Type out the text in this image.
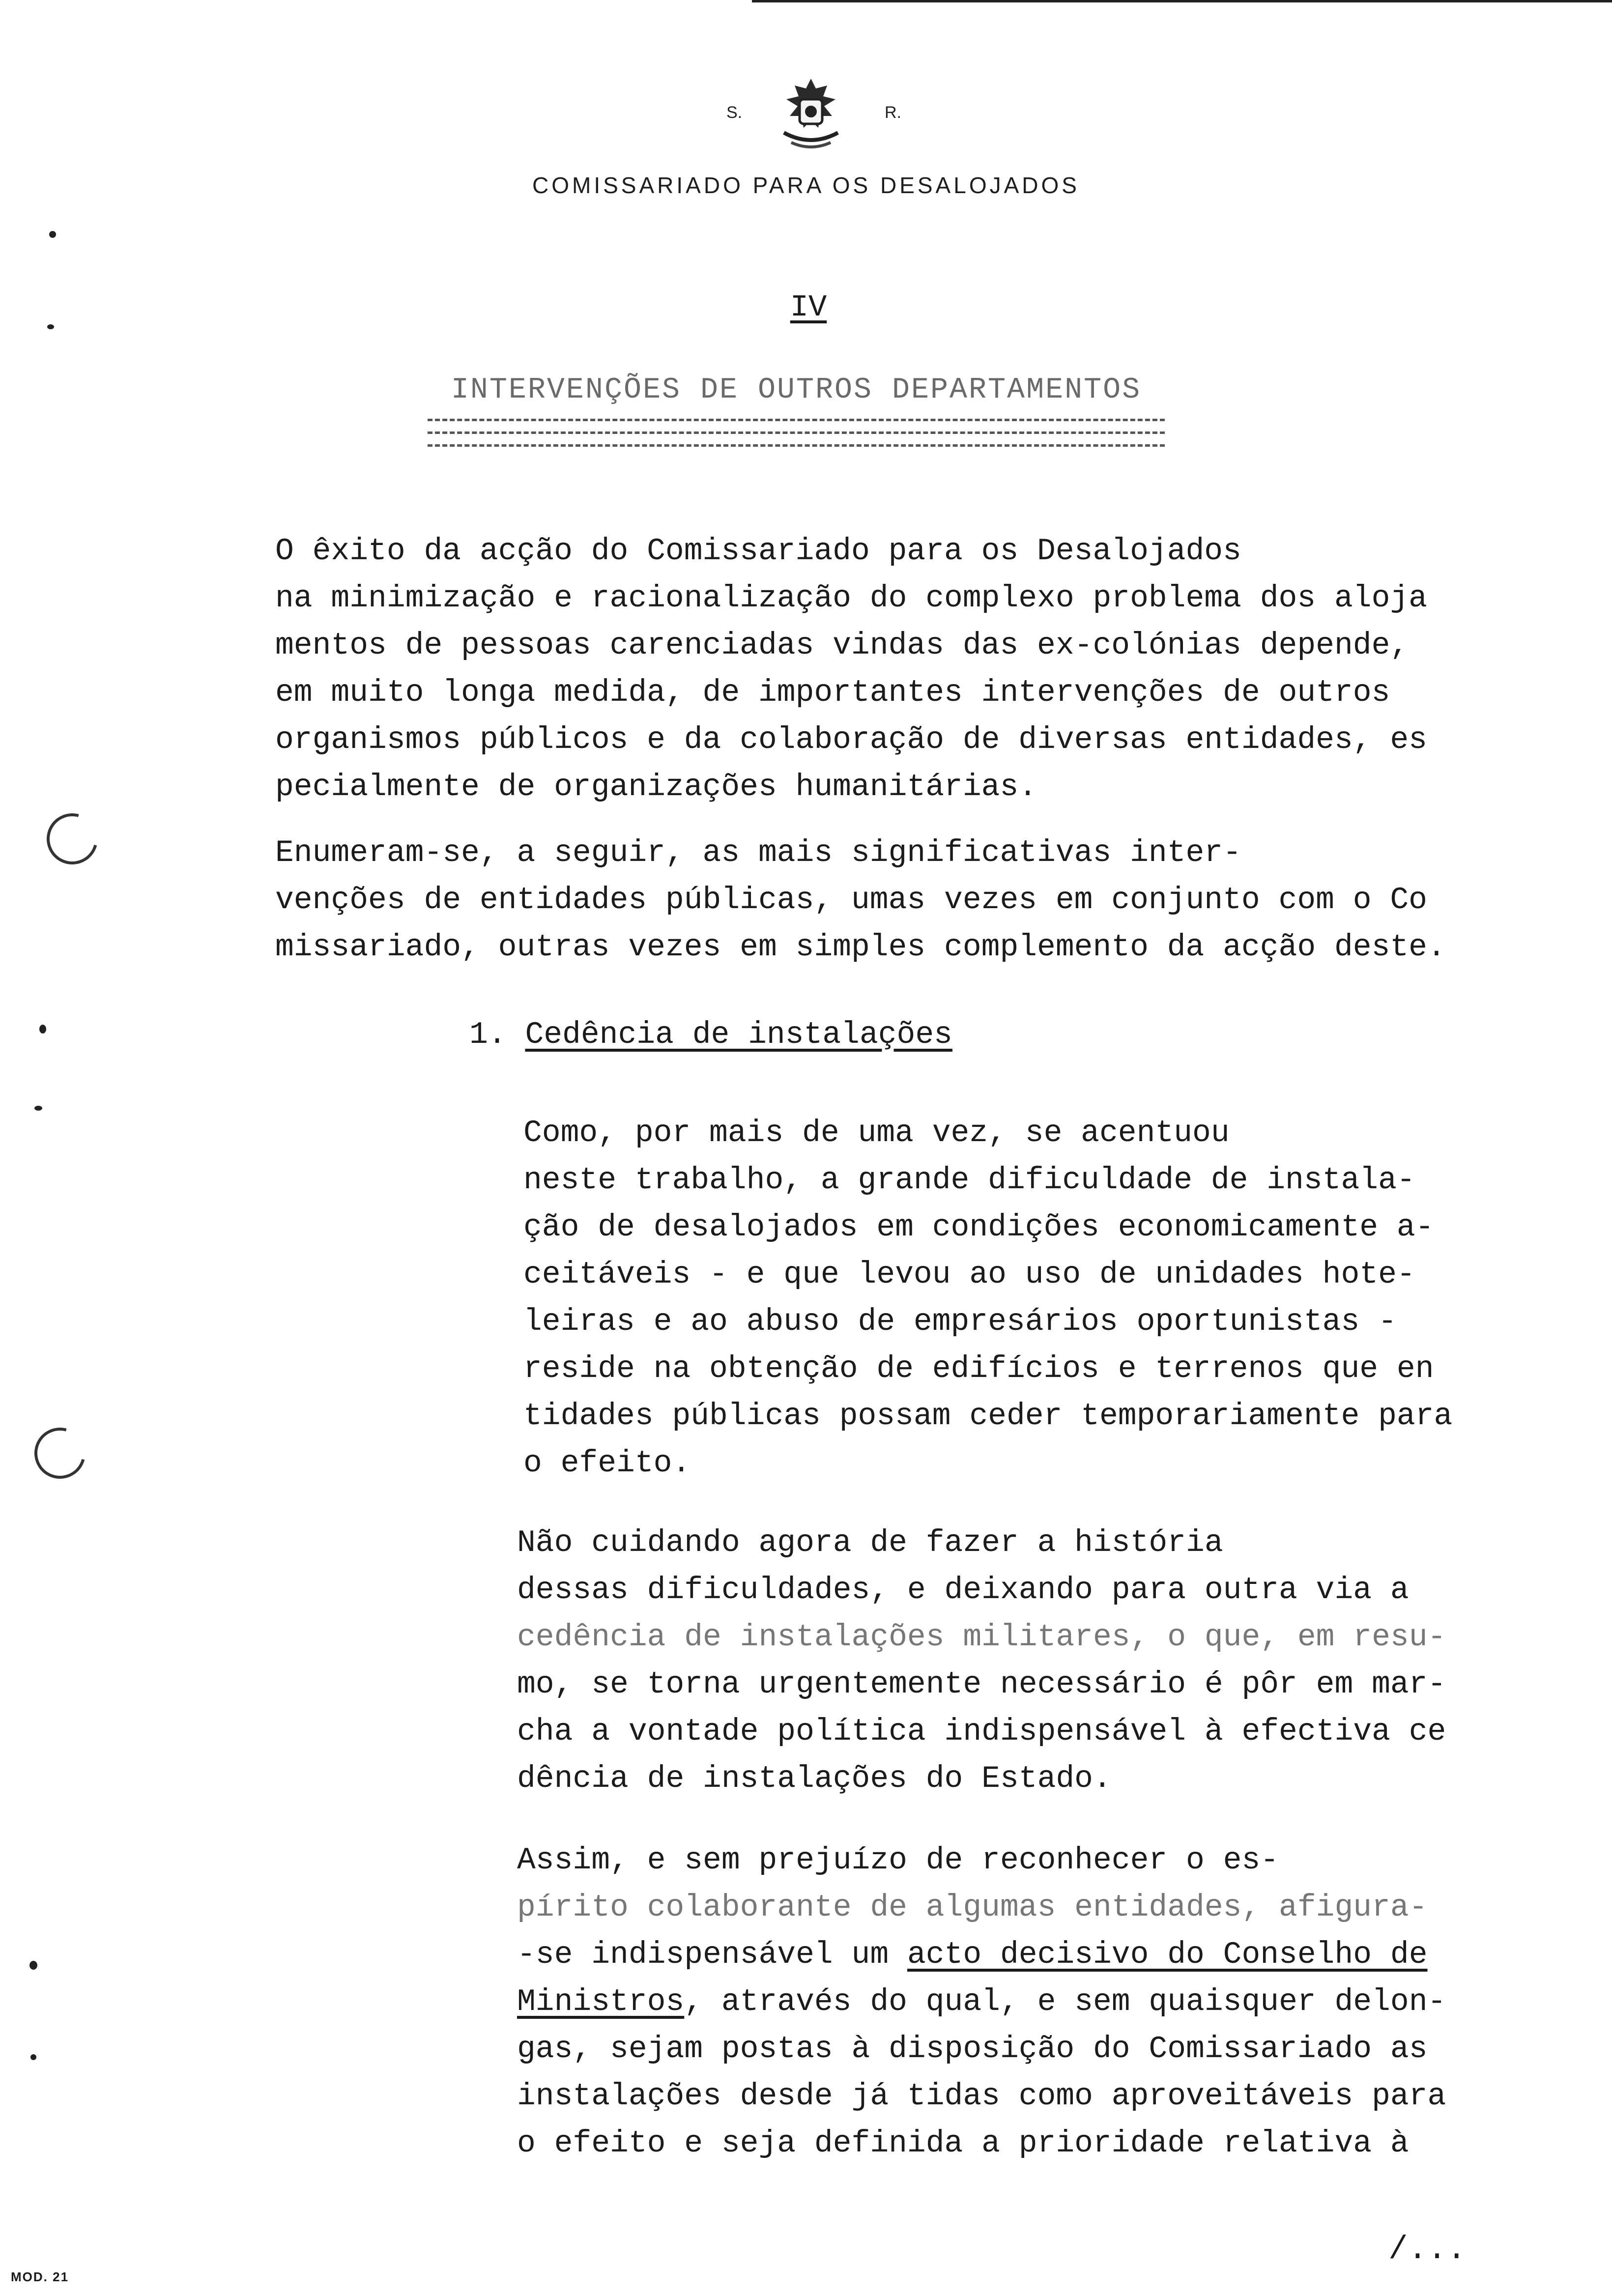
S.	R.
COMISSARIADO PARA OS DESALOJADOS
IV
INTERVENÇÕES DE OUTROS DEPARTAMENTOS
O êxito da acção do Comissariado para os Desalojados
na minimização e racionalização do complexo problema dos aloja
mentos de pessoas carenciadas vindas das ex-colónias depende,
em muito longa medida, de importantes intervenções de outros
organismos públicos e da colaboração de diversas entidades, es
pecialmente de organizações humanitárias.
Enumeram-se, a seguir, as mais significativas inter-
venções de entidades públicas, umas vezes em conjunto com o Co
missariado, outras vezes em simples complemento da acção deste.
1. Cedência de instalações
Como, por mais de uma vez, se acentuou
neste trabalho, a grande dificuldade de instala-
ção de desalojados em condições economicamente a-
ceitáveis - e que levou ao uso de unidades hote-
leiras e ao abuso de empresários oportunistas -
reside na obtenção de edifícios e terrenos que en
tidades públicas possam ceder temporariamente para
o efeito.
Não cuidando agora de fazer a história
dessas dificuldades, e deixando para outra via a
cedência de instalações militares, o que, em resu-
mo, se torna urgentemente necessário é pôr em mar-
cha a vontade política indispensável à efectiva ce
dência de instalações do Estado.
Assim, e sem prejuízo de reconhecer o es-
pírito colaborante de algumas entidades, afigura-
-se indispensável um acto decisivo do Conselho de
Ministros, através do qual, e sem quaisquer delon-
gas, sejam postas à disposição do Comissariado as
instalações desde já tidas como aproveitáveis para
o efeito e seja definida a prioridade relativa à
MOD. 21
/...
